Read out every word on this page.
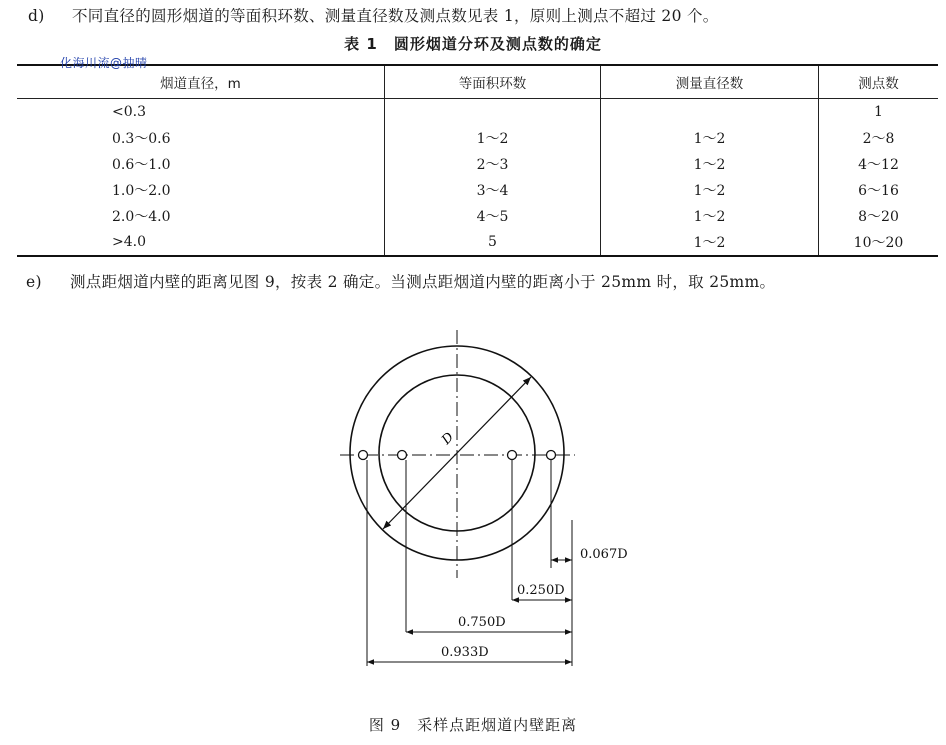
d) 不同直径的圆形烟道的等面积环数、测量直径数及测点数见表 1，原则上测点不超过 20 个。
表 1　圆形烟道分环及测点数的确定
烟道直径，m	等面积环数	测量直径数	测点数
<0.3			1
0.3～0.6	1～2	1～2	2～8
0.6～1.0	2～3	1～2	4～12
1.0～2.0	3～4	1～2	6～16
2.0～4.0	4～5	1～2	8～20
>4.0	5	1～2	10～20
化海川流@抽晴
e) 测点距烟道内壁的距离见图 9，按表 2 确定。当测点距烟道内壁的距离小于 25mm 时，取 25mm。
D
0.067D
0.250D
0.750D
0.933D
图 9　采样点距烟道内壁距离
